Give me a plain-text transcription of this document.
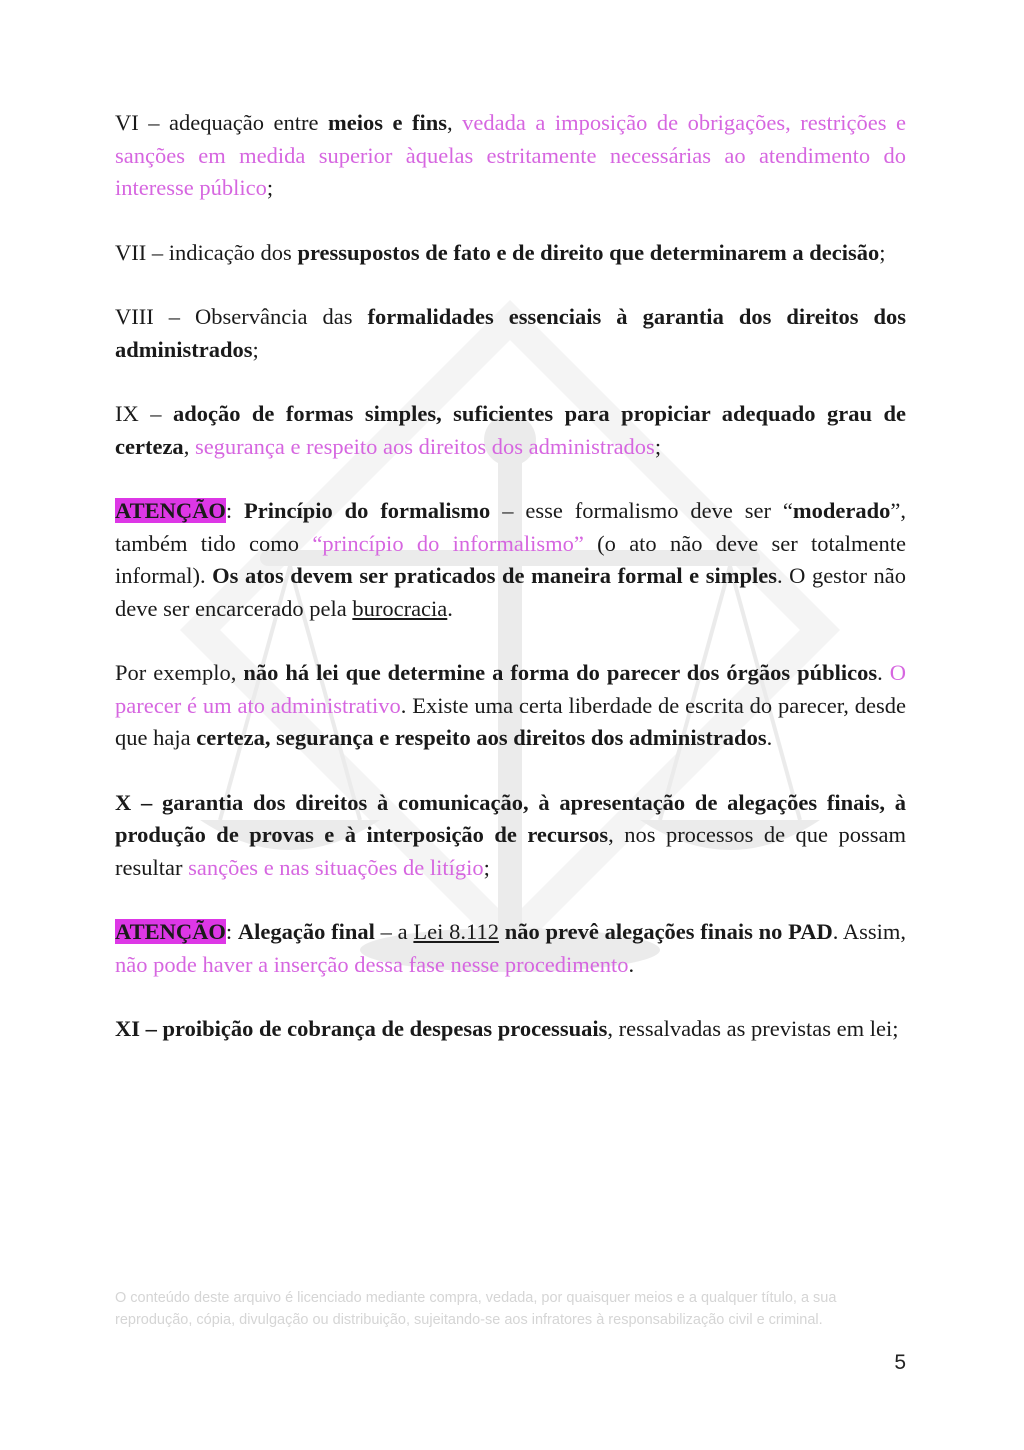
VI – adequação entre meios e fins, vedada a imposição de obrigações, restrições e sanções em medida superior àquelas estritamente necessárias ao atendimento do interesse público;

VII – indicação dos pressupostos de fato e de direito que determinarem a decisão;

VIII – Observância das formalidades essenciais à garantia dos direitos dos administrados;

IX – adoção de formas simples, suficientes para propiciar adequado grau de certeza, segurança e respeito aos direitos dos administrados;

ATENÇÃO: Princípio do formalismo – esse formalismo deve ser “moderado”, também tido como “princípio do informalismo” (o ato não deve ser totalmente informal). Os atos devem ser praticados de maneira formal e simples. O gestor não deve ser encarcerado pela burocracia.

Por exemplo, não há lei que determine a forma do parecer dos órgãos públicos. O parecer é um ato administrativo. Existe uma certa liberdade de escrita do parecer, desde que haja certeza, segurança e respeito aos direitos dos administrados.

X – garantia dos direitos à comunicação, à apresentação de alegações finais, à produção de provas e à interposição de recursos, nos processos de que possam resultar sanções e nas situações de litígio;

ATENÇÃO: Alegação final – a Lei 8.112 não prevê alegações finais no PAD. Assim, não pode haver a inserção dessa fase nesse procedimento.

XI – proibição de cobrança de despesas processuais, ressalvadas as previstas em lei;

O conteúdo deste arquivo é licenciado mediante compra, vedada, por quaisquer meios e a qualquer título, a sua
reprodução, cópia, divulgação ou distribuição, sujeitando-se aos infratores à responsabilização civil e criminal.
5
